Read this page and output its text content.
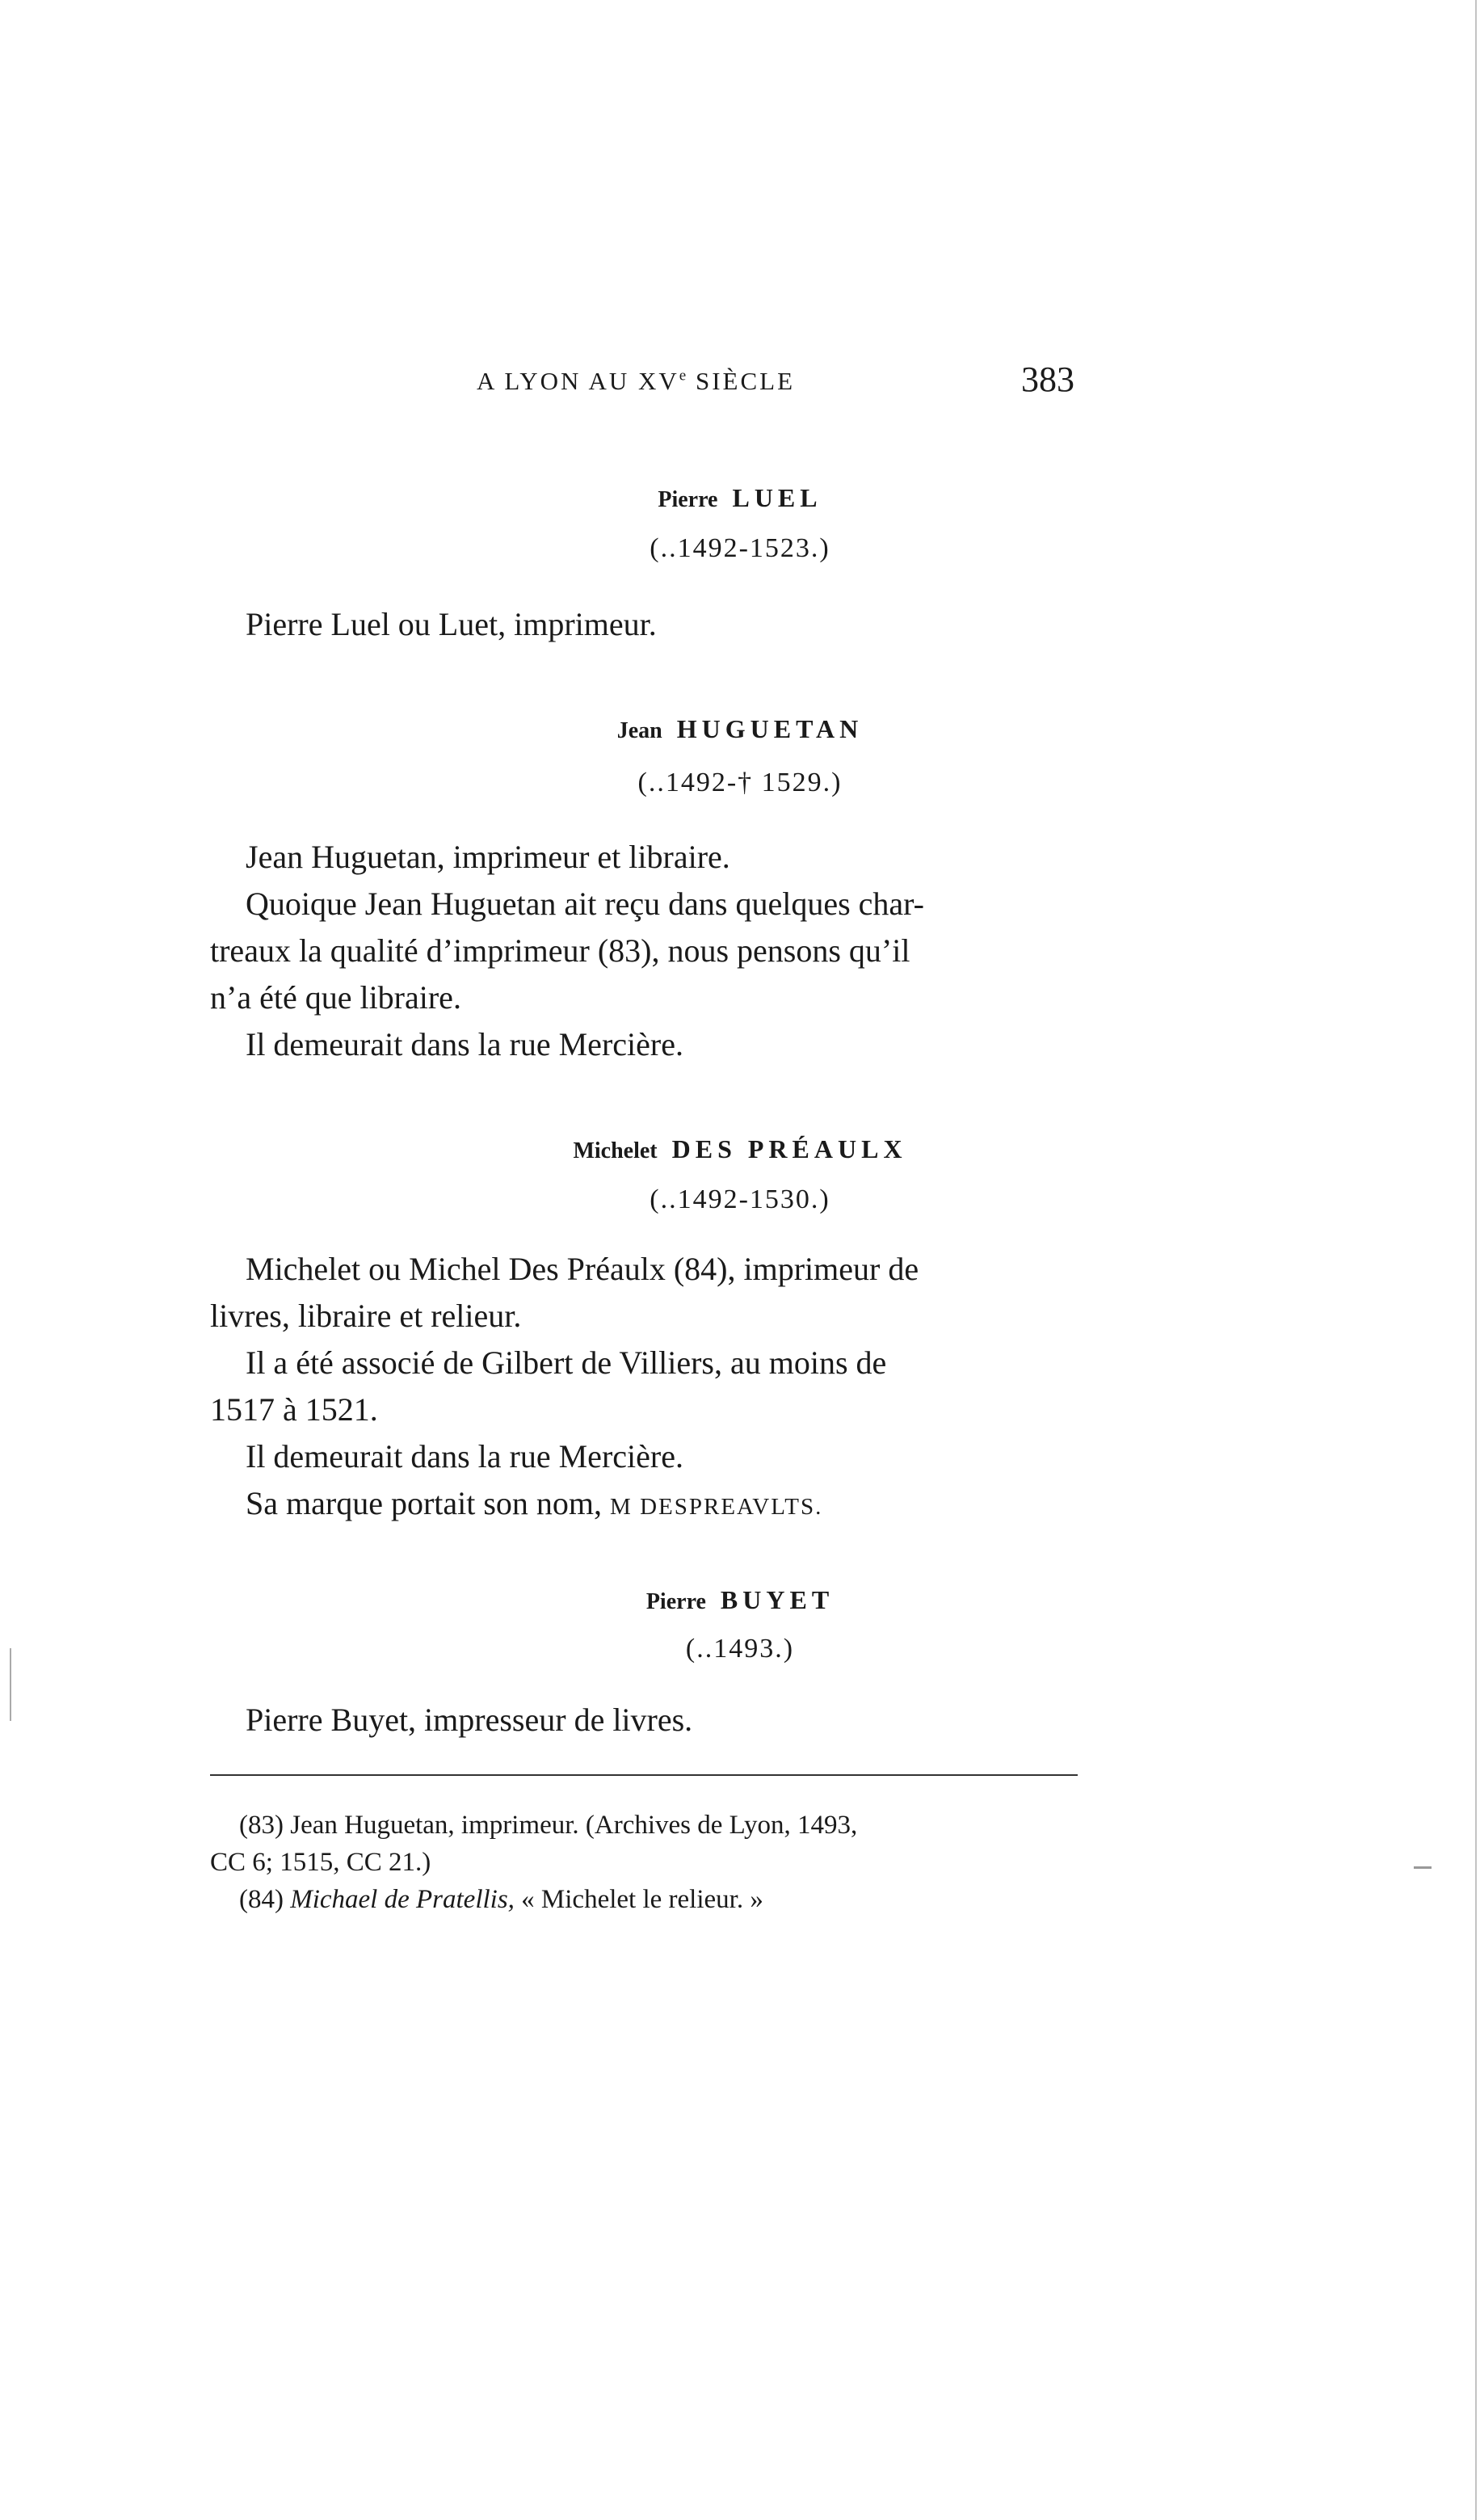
A LYON AU XVe SIÈCLE	383
Pierre LUEL
(..1492-1523.)
Pierre Luel ou Luet, imprimeur.
Jean HUGUETAN
(..1492-† 1529.)
Jean Huguetan, imprimeur et libraire.
Quoique Jean Huguetan ait reçu dans quelques char-
treaux la qualité d’imprimeur (83), nous pensons qu’il
n’a été que libraire.
Il demeurait dans la rue Mercière.
Michelet DES PRÉAULX
(..1492-1530.)
Michelet ou Michel Des Préaulx (84), imprimeur de
livres, libraire et relieur.
Il a été associé de Gilbert de Villiers, au moins de
1517 à 1521.
Il demeurait dans la rue Mercière.
Sa marque portait son nom, M DESPREAVLTS.
Pierre BUYET
(..1493.)
Pierre Buyet, impresseur de livres.
(83) Jean Huguetan, imprimeur. (Archives de Lyon, 1493,
CC 6; 1515, CC 21.)
(84) Michael de Pratellis, « Michelet le relieur. »
